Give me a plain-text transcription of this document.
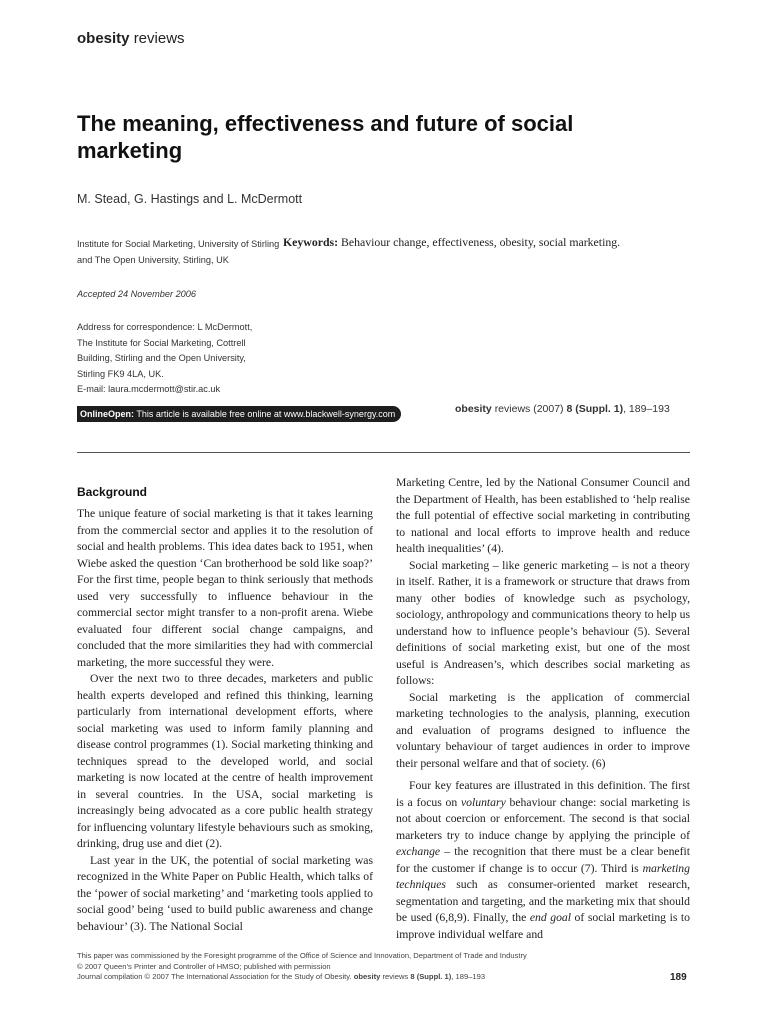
obesity reviews
The meaning, effectiveness and future of social marketing
M. Stead, G. Hastings and L. McDermott
Institute for Social Marketing, University of Stirling and The Open University, Stirling, UK
Accepted 24 November 2006
Address for correspondence: L McDermott,
The Institute for Social Marketing, Cottrell
Building, Stirling and the Open University,
Stirling FK9 4LA, UK.
E-mail: laura.mcdermott@stir.ac.uk
Keywords: Behaviour change, effectiveness, obesity, social marketing.
OnlineOpen: This article is available free online at www.blackwell-synergy.com	obesity reviews (2007) 8 (Suppl. 1), 189–193
Background

The unique feature of social marketing is that it takes learning from the commercial sector and applies it to the resolution of social and health problems. This idea dates back to 1951, when Wiebe asked the question ‘Can brotherhood be sold like soap?’ For the first time, people began to think seriously that methods used very successfully to influence behaviour in the commercial sector might transfer to a non-profit arena. Wiebe evaluated four different social change campaigns, and concluded that the more similarities they had with commercial marketing, the more successful they were.

Over the next two to three decades, marketers and public health experts developed and refined this thinking, learning particularly from international development efforts, where social marketing was used to inform family planning and disease control programmes (1). Social marketing thinking and techniques spread to the developed world, and social marketing is now located at the centre of health improvement in several countries. In the USA, social marketing is increasingly being advocated as a core public health strategy for influencing voluntary lifestyle behaviours such as smoking, drinking, drug use and diet (2).

Last year in the UK, the potential of social marketing was recognized in the White Paper on Public Health, which talks of the ‘power of social marketing’ and ‘marketing tools applied to social good’ being ‘used to build public awareness and change behaviour’ (3). The National Social

Marketing Centre, led by the National Consumer Council and the Department of Health, has been established to ‘help realise the full potential of effective social marketing in contributing to national and local efforts to improve health and reduce health inequalities’ (4).

Social marketing – like generic marketing – is not a theory in itself. Rather, it is a framework or structure that draws from many other bodies of knowledge such as psychology, sociology, anthropology and communications theory to help us understand how to influence people’s behaviour (5). Several definitions of social marketing exist, but one of the most useful is Andreasen’s, which describes social marketing as follows:

Social marketing is the application of commercial marketing technologies to the analysis, planning, execution and evaluation of programs designed to influence the voluntary behaviour of target audiences in order to improve their personal welfare and that of society. (6)

Four key features are illustrated in this definition. The first is a focus on voluntary behaviour change: social marketing is not about coercion or enforcement. The second is that social marketers try to induce change by applying the principle of exchange – the recognition that there must be a clear benefit for the customer if change is to occur (7). Third is marketing techniques such as consumer-oriented market research, segmentation and targeting, and the marketing mix that should be used (6,8,9). Finally, the end goal of social marketing is to improve individual welfare and

This paper was commissioned by the Foresight programme of the Office of Science and Innovation, Department of Trade and Industry
© 2007 Queen’s Printer and Controller of HMSO; published with permission
Journal compilation © 2007 The International Association for the Study of Obesity. obesity reviews 8 (Suppl. 1), 189–193	189
